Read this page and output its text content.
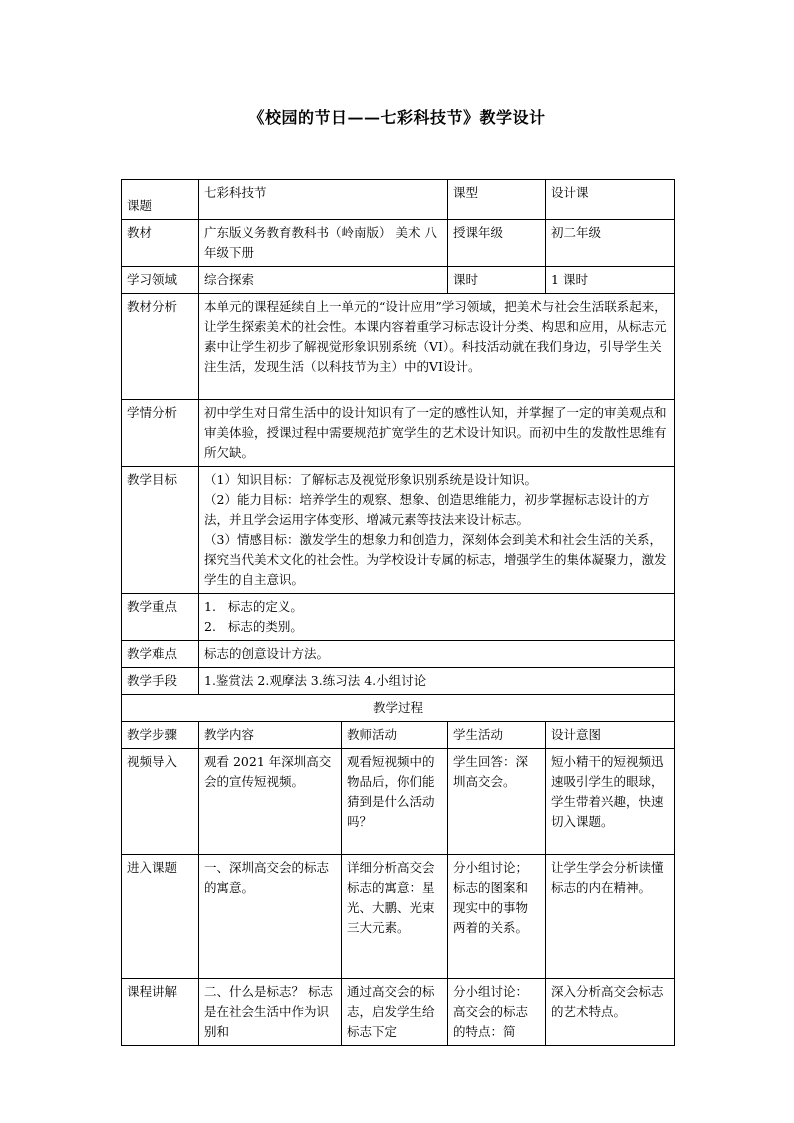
《校园的节日——七彩科技节》教学设计
课题	七彩科技节		课型	设计课
教材	广东版义务教育教科书（岭南版） 美术 八年级下册		授课年级	初二年级
学习领域	综合探索		课时	1 课时
教材分析	本单元的课程延续自上一单元的“设计应用”学习领域，把美术与社会生活联系起来，让学生探索美术的社会性。本课内容着重学习标志设计分类、构思和应用，从标志元素中让学生初步了解视觉形象识别系统（VI）。科技活动就在我们身边，引导学生关注生活，发现生活（以科技节为主）中的VI设计。			
学情分析	初中学生对日常生活中的设计知识有了一定的感性认知，并掌握了一定的审美观点和审美体验，授课过程中需要规范扩宽学生的艺术设计知识。而初中生的发散性思维有所欠缺。			
教学目标	（1）知识目标：了解标志及视觉形象识别系统是设计知识。

（2）能力目标：培养学生的观察、想象、创造思维能力，初步掌握标志设计的方法，并且学会运用字体变形、增减元素等技法来设计标志。

（3）情感目标：激发学生的想象力和创造力，深刻体会到美术和社会生活的关系，探究当代美术文化的社会性。为学校设计专属的标志，增强学生的集体凝聚力，激发学生的自主意识。			

教学重点	1. 标志的定义。

2. 标志的类别。			

教学难点	标志的创意设计方法。			
教学手段	1.鉴赏法 2.观摩法 3.练习法 4.小组讨论			
教学过程				
教学步骤	教学内容	教师活动	学生活动	设计意图
视频导入	观看 2021 年深圳高交会的宣传短视频。	观看短视频中的物品后，你们能猜到是什么活动吗？	学生回答：深圳高交会。	短小精干的短视频迅速吸引学生的眼球，学生带着兴趣，快速切入课题。
进入课题	一、深圳高交会的标志的寓意。	详细分析高交会标志的寓意：星光、大鹏、光束三大元素。	分小组讨论；标志的图案和现实中的事物两着的关系。	让学生学会分析读懂标志的内在精神。
课程讲解	二、什么是标志？ 标志是在社会生活中作为识别和	通过高交会的标志，启发学生给标志下定	分小组讨论：高交会的标志的特点：简	深入分析高交会标志的艺术特点。
